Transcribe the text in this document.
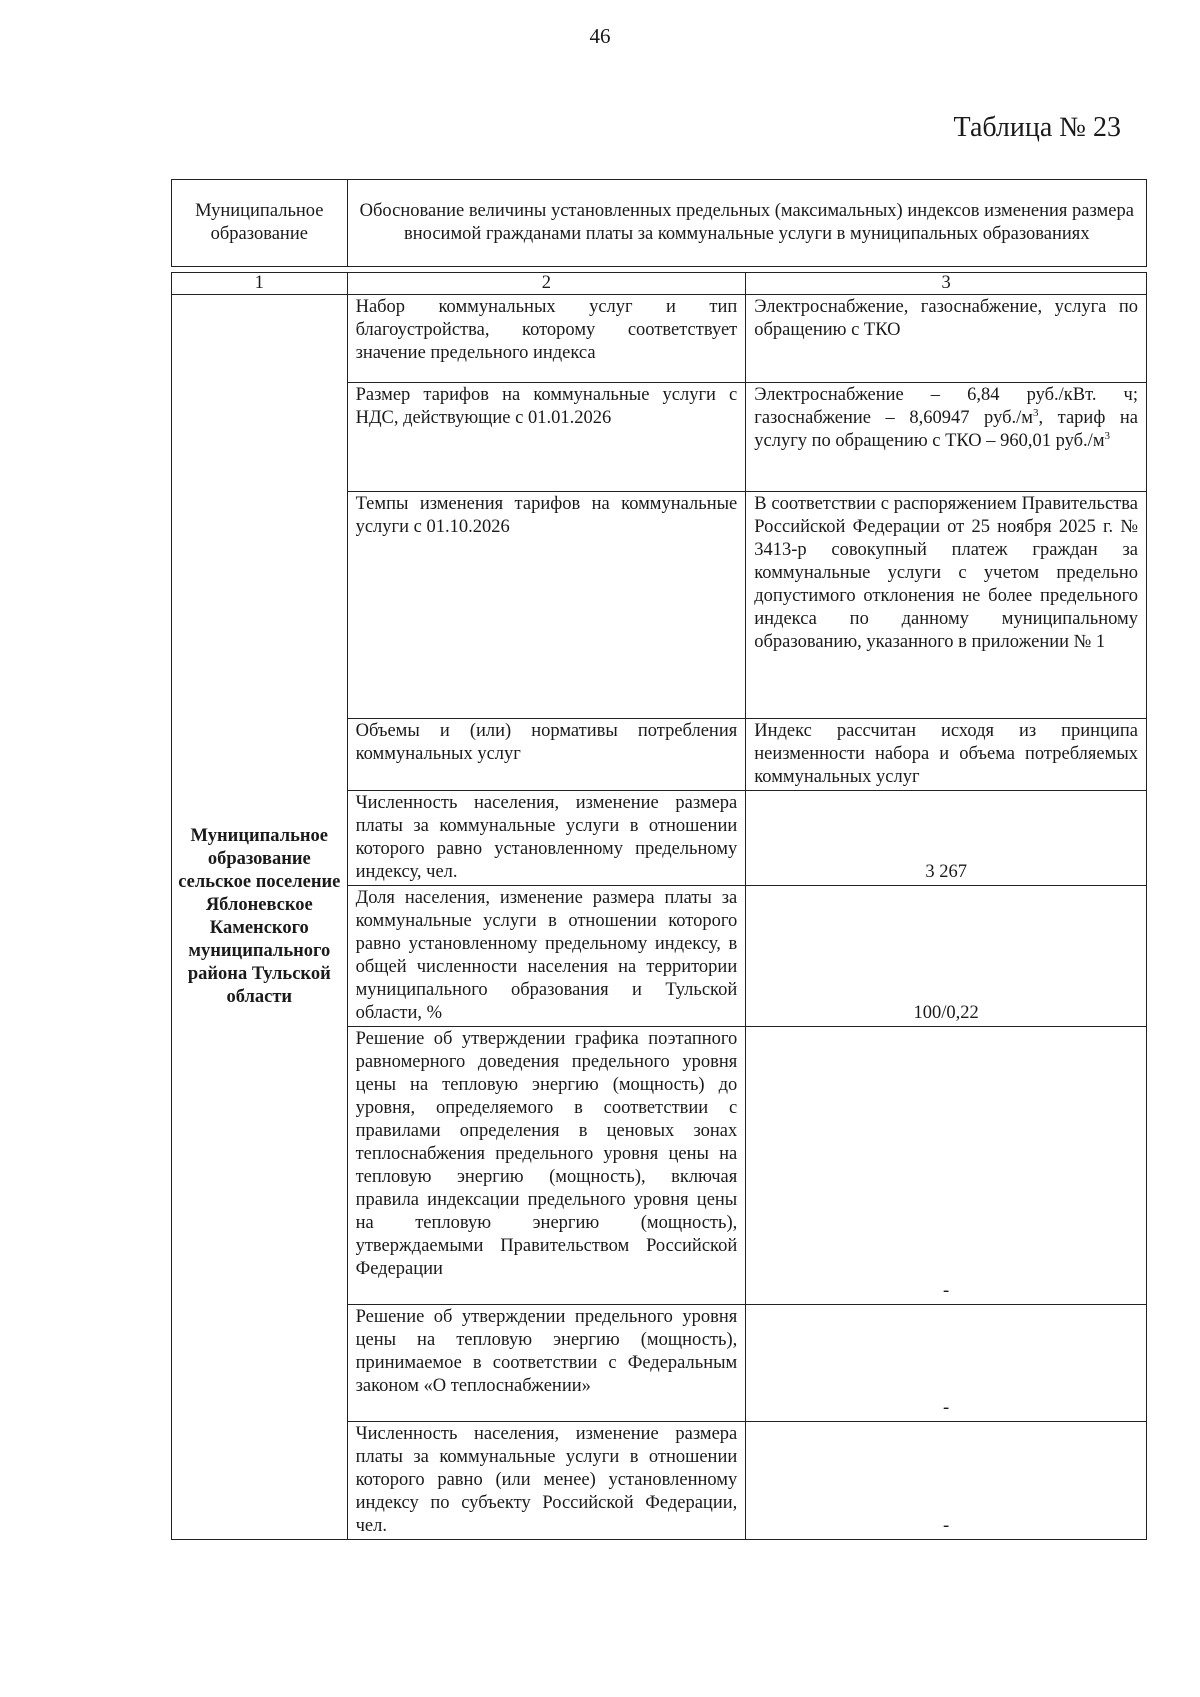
46
Таблица № 23
Муниципальное образование	Обоснование величины установленных предельных (максимальных) индексов изменения размера вносимой гражданами платы за коммунальные услуги в муниципальных образованиях
1	2	3
Муниципальное образование сельское поселение Яблоневское Каменского муниципального района Тульской области	Набор коммунальных услуг и тип благоустройства, которому соответствует значение предельного индекса	Электроснабжение, газоснабжение, услуга по обращению с ТКО
	Размер тарифов на коммунальные услуги с НДС, действующие с 01.01.2026	Электроснабжение – 6,84 руб./кВт. ч; газоснабжение – 8,60947 $руб./м^3$, тариф на услугу по обращению с ТКО – 960,01 $руб./м^3$
	Темпы изменения тарифов на коммунальные услуги с 01.10.2026	В соответствии с распоряжением Правительства Российской Федерации от 25 ноября 2025 г. № 3413-р совокупный платеж граждан за коммунальные услуги с учетом предельно допустимого отклонения не более предельного индекса по данному муниципальному образованию, указанного в приложении № 1
	Объемы и (или) нормативы потребления коммунальных услуг	Индекс рассчитан исходя из принципа неизменности набора и объема потребляемых коммунальных услуг
	Численность населения, изменение размера платы за коммунальные услуги в отношении которого равно установленному предельному индексу, чел.	3 267
	Доля населения, изменение размера платы за коммунальные услуги в отношении которого равно установленному предельному индексу, в общей численности населения на территории муниципального образования и Тульской области, %	100/0,22
	Решение об утверждении графика поэтапного равномерного доведения предельного уровня цены на тепловую энергию (мощность) до уровня, определяемого в соответствии с правилами определения в ценовых зонах теплоснабжения предельного уровня цены на тепловую энергию (мощность), включая правила индексации предельного уровня цены на тепловую энергию (мощность), утверждаемыми Правительством Российской Федерации	-
	Решение об утверждении предельного уровня цены на тепловую энергию (мощность), принимаемое в соответствии с Федеральным законом «О теплоснабжении»	-
	Численность населения, изменение размера платы за коммунальные услуги в отношении которого равно (или менее) установленному индексу по субъекту Российской Федерации, чел.	-
